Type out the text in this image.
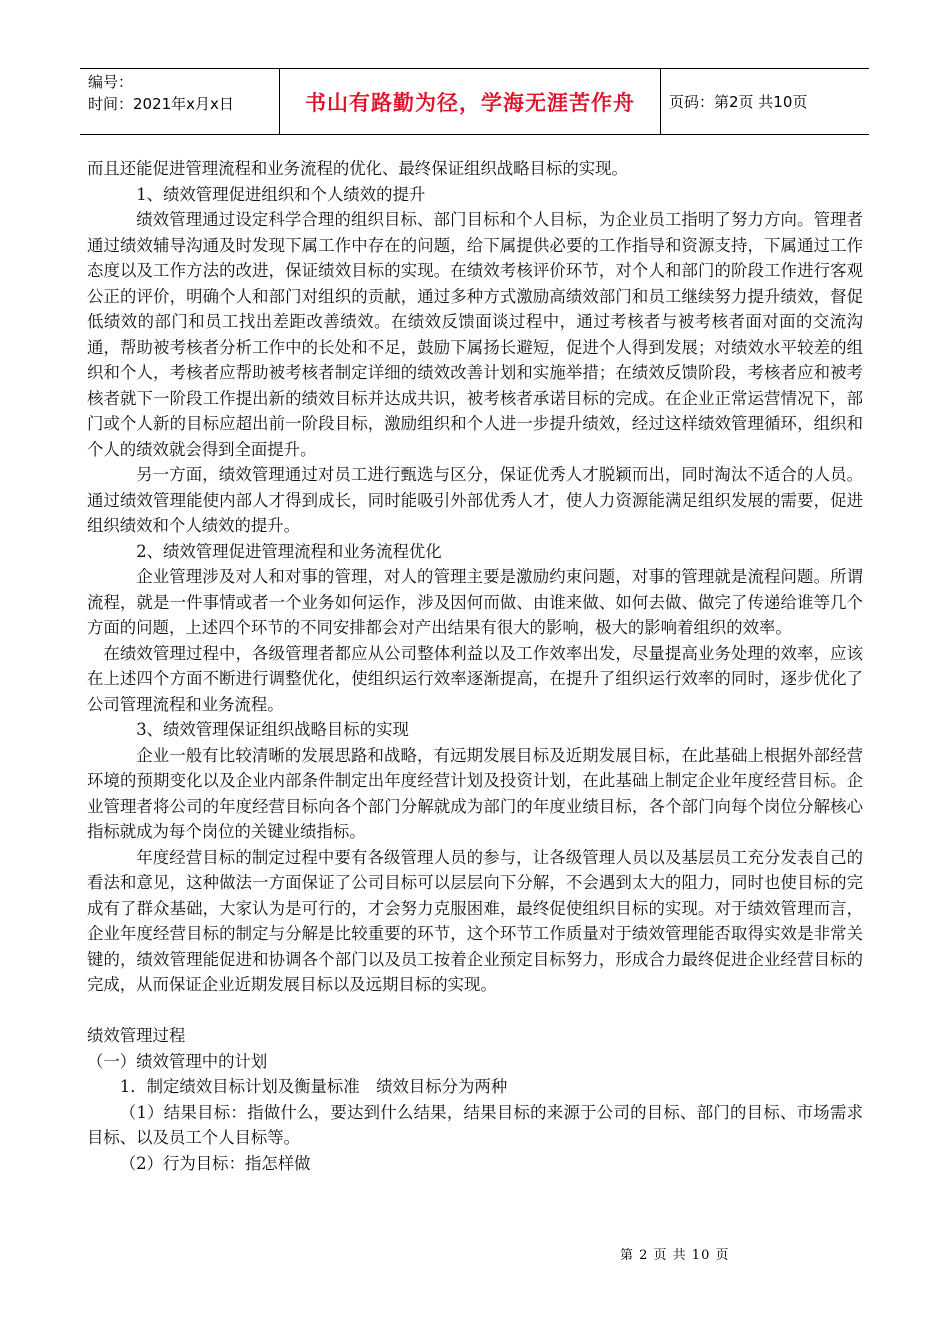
编号：
时间：2021年x月x日	书山有路勤为径，学海无涯苦作舟	页码：第2页 共10页

而且还能促进管理流程和业务流程的优化、最终保证组织战略目标的实现。

1、绩效管理促进组织和个人绩效的提升

绩效管理通过设定科学合理的组织目标、部门目标和个人目标，为企业员工指明了努力方向。管理者通过绩效辅导沟通及时发现下属工作中存在的问题，给下属提供必要的工作指导和资源支持，下属通过工作态度以及工作方法的改进，保证绩效目标的实现。在绩效考核评价环节，对个人和部门的阶段工作进行客观公正的评价，明确个人和部门对组织的贡献，通过多种方式激励高绩效部门和员工继续努力提升绩效，督促低绩效的部门和员工找出差距改善绩效。在绩效反馈面谈过程中，通过考核者与被考核者面对面的交流沟通，帮助被考核者分析工作中的长处和不足，鼓励下属扬长避短，促进个人得到发展；对绩效水平较差的组织和个人，考核者应帮助被考核者制定详细的绩效改善计划和实施举措；在绩效反馈阶段，考核者应和被考核者就下一阶段工作提出新的绩效目标并达成共识，被考核者承诺目标的完成。在企业正常运营情况下，部门或个人新的目标应超出前一阶段目标，激励组织和个人进一步提升绩效，经过这样绩效管理循环，组织和个人的绩效就会得到全面提升。

另一方面，绩效管理通过对员工进行甄选与区分，保证优秀人才脱颖而出，同时淘汰不适合的人员。通过绩效管理能使内部人才得到成长，同时能吸引外部优秀人才，使人力资源能满足组织发展的需要，促进组织绩效和个人绩效的提升。

2、绩效管理促进管理流程和业务流程优化

企业管理涉及对人和对事的管理，对人的管理主要是激励约束问题，对事的管理就是流程问题。所谓流程，就是一件事情或者一个业务如何运作，涉及因何而做、由谁来做、如何去做、做完了传递给谁等几个方面的问题，上述四个环节的不同安排都会对产出结果有很大的影响，极大的影响着组织的效率。

在绩效管理过程中，各级管理者都应从公司整体利益以及工作效率出发，尽量提高业务处理的效率，应该在上述四个方面不断进行调整优化，使组织运行效率逐渐提高，在提升了组织运行效率的同时，逐步优化了公司管理流程和业务流程。

3、绩效管理保证组织战略目标的实现

企业一般有比较清晰的发展思路和战略，有远期发展目标及近期发展目标，在此基础上根据外部经营环境的预期变化以及企业内部条件制定出年度经营计划及投资计划，在此基础上制定企业年度经营目标。企业管理者将公司的年度经营目标向各个部门分解就成为部门的年度业绩目标，各个部门向每个岗位分解核心指标就成为每个岗位的关键业绩指标。

年度经营目标的制定过程中要有各级管理人员的参与，让各级管理人员以及基层员工充分发表自己的看法和意见，这种做法一方面保证了公司目标可以层层向下分解，不会遇到太大的阻力，同时也使目标的完成有了群众基础，大家认为是可行的，才会努力克服困难，最终促使组织目标的实现。对于绩效管理而言，企业年度经营目标的制定与分解是比较重要的环节，这个环节工作质量对于绩效管理能否取得实效是非常关键的，绩效管理能促进和协调各个部门以及员工按着企业预定目标努力，形成合力最终促进企业经营目标的完成，从而保证企业近期发展目标以及远期目标的实现。

绩效管理过程

（一）绩效管理中的计划

1．制定绩效目标计划及衡量标准　绩效目标分为两种

（1）结果目标：指做什么，要达到什么结果，结果目标的来源于公司的目标、部门的目标、市场需求目标、以及员工个人目标等。

（2）行为目标：指怎样做

第 2 页 共 10 页
